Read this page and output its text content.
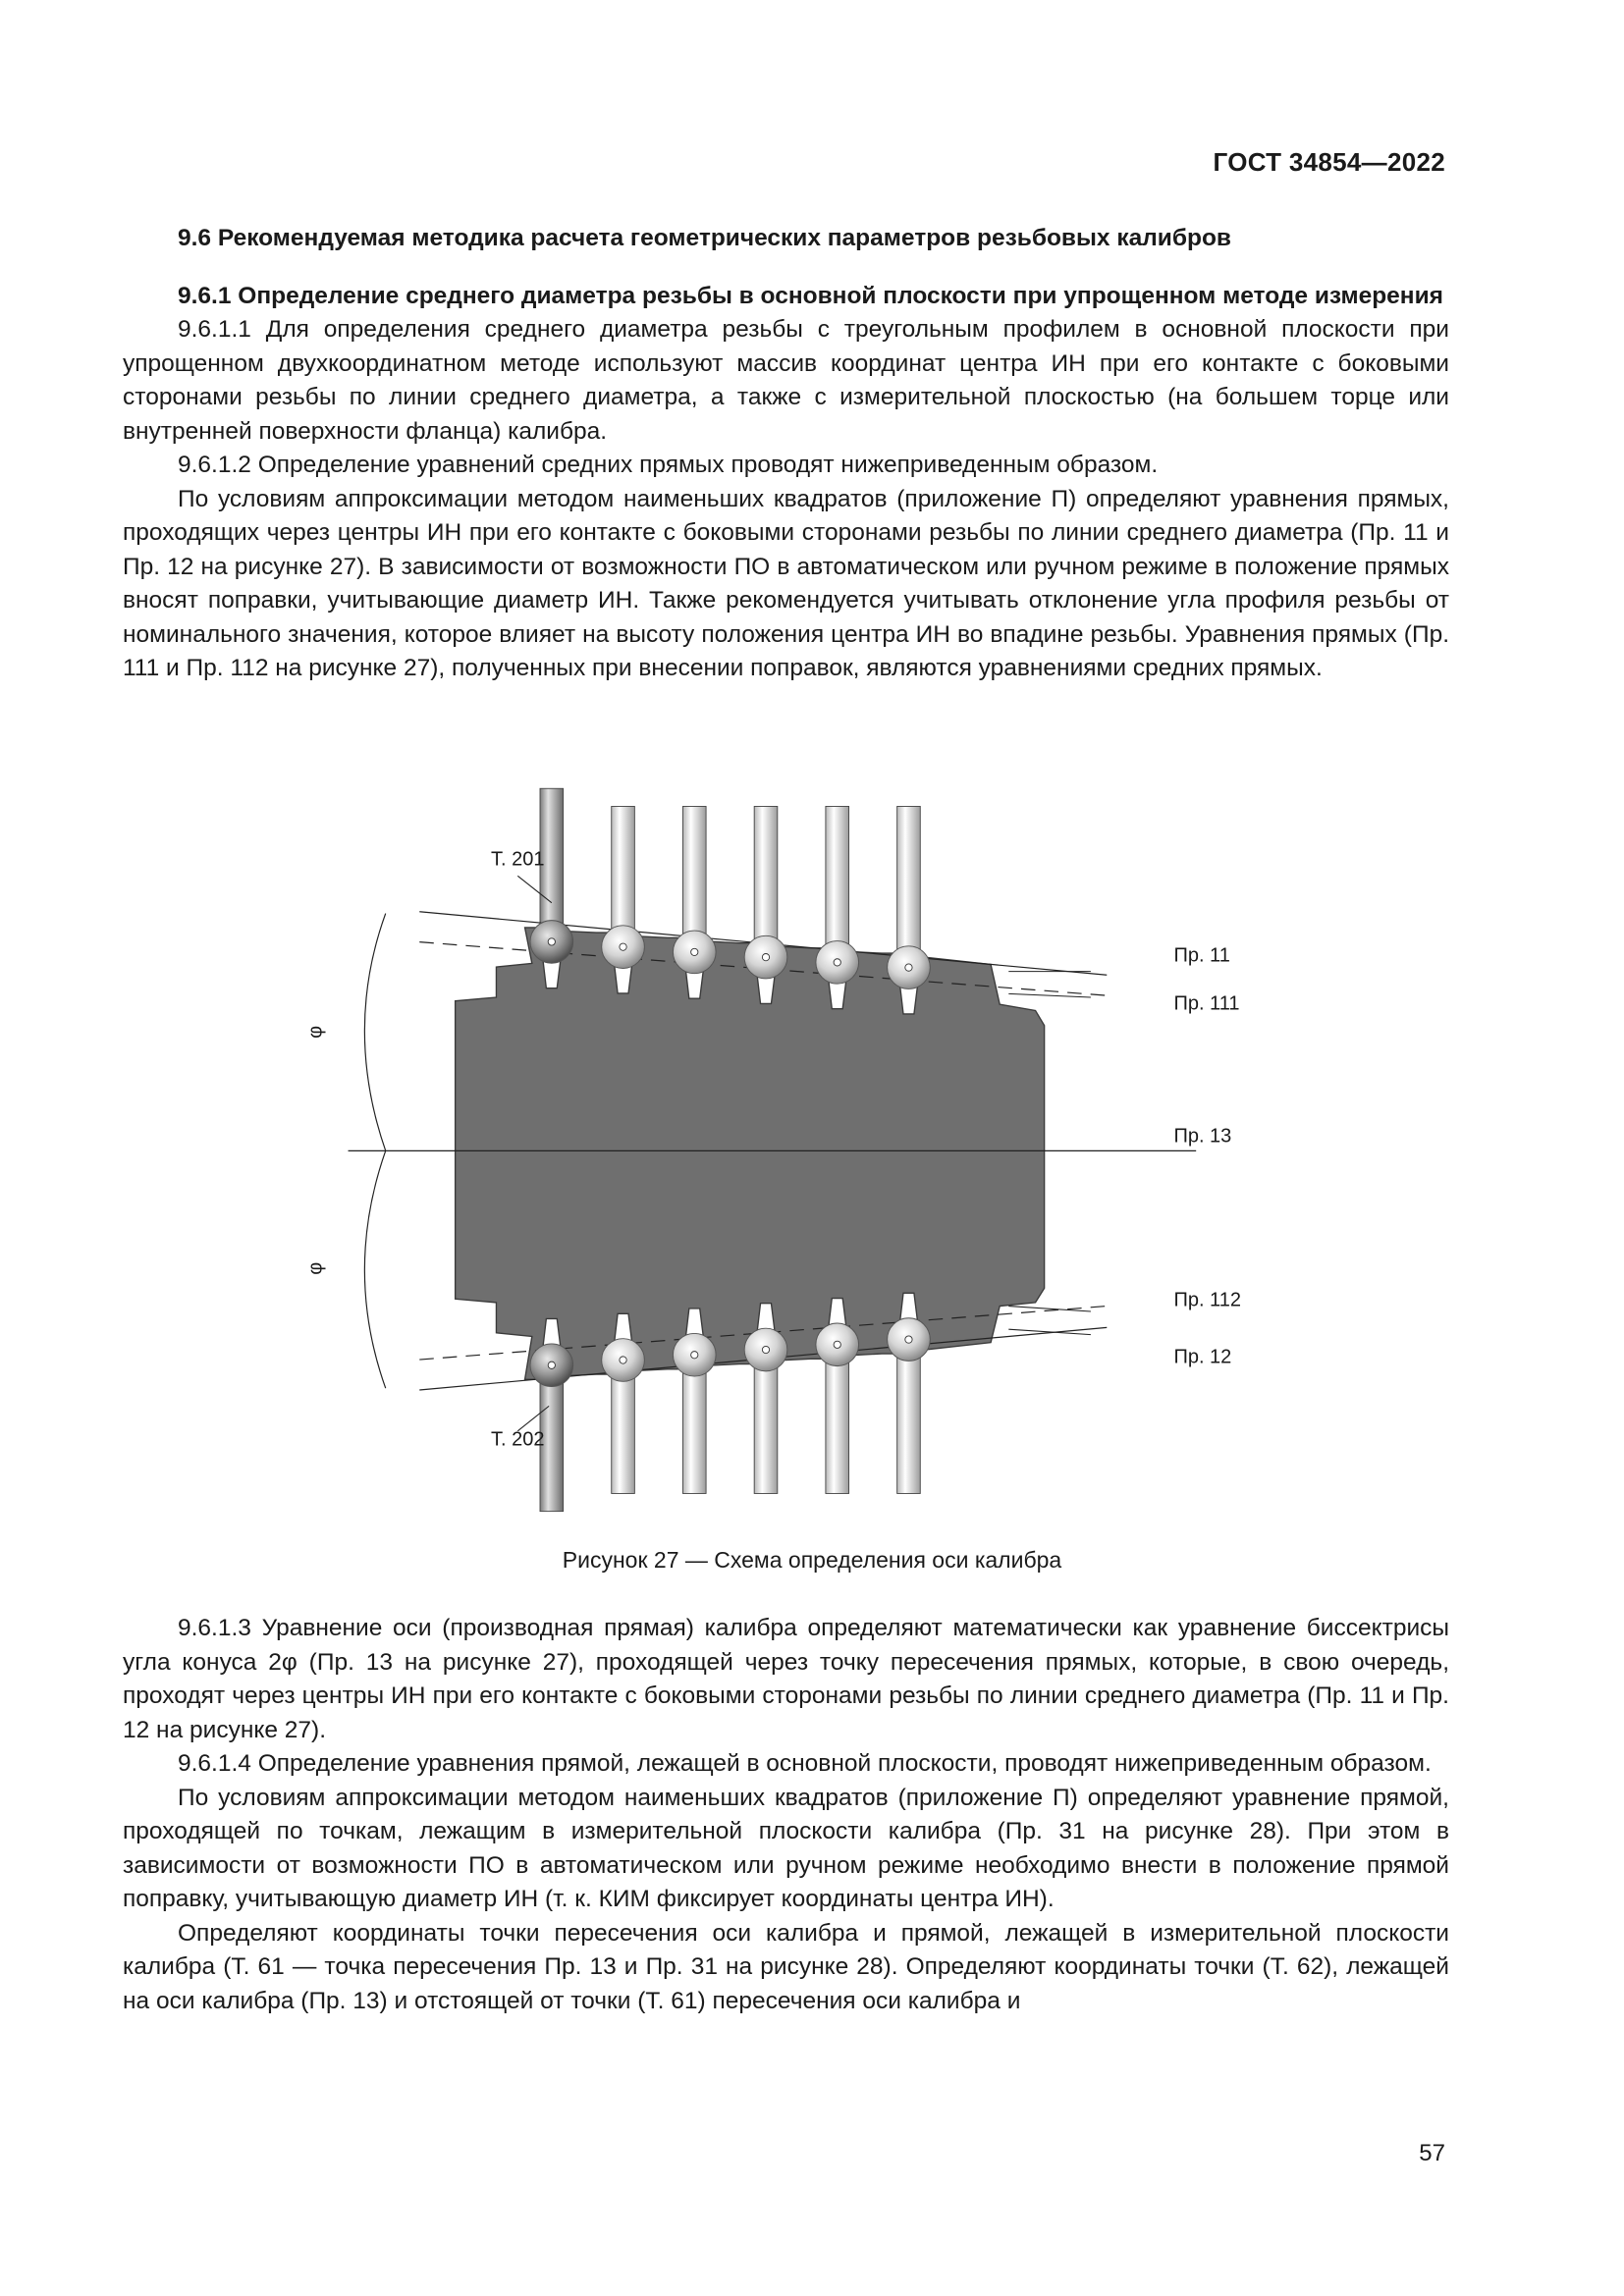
ГОСТ 34854—2022

9.6 Рекомендуемая методика расчета геометрических параметров резьбовых калибров

9.6.1 Определение среднего диаметра резьбы в основной плоскости при упрощенном методе измерения

9.6.1.1 Для определения среднего диаметра резьбы с треугольным профилем в основной плоскости при упрощенном двухкоординатном методе используют массив координат центра ИН при его контакте с боковыми сторонами резьбы по линии среднего диаметра, а также с измерительной плоскостью (на большем торце или внутренней поверхности фланца) калибра.

9.6.1.2 Определение уравнений средних прямых проводят нижеприведенным образом.

По условиям аппроксимации методом наименьших квадратов (приложение П) определяют уравнения прямых, проходящих через центры ИН при его контакте с боковыми сторонами резьбы по линии среднего диаметра (Пр. 11 и Пр. 12 на рисунке 27). В зависимости от возможности ПО в автоматическом или ручном режиме в положение прямых вносят поправки, учитывающие диаметр ИН. Также рекомендуется учитывать отклонение угла профиля резьбы от номинального значения, которое влияет на высоту положения центра ИН во впадине резьбы. Уравнения прямых (Пр. 111 и Пр. 112 на рисунке 27), полученных при внесении поправок, являются уравнениями средних прямых.

Т. 201
Т. 202
Пр. 11
Пр. 111
Пр. 13
Пр. 112
Пр. 12
φ
φ
Рисунок 27 — Схема определения оси калибра

9.6.1.3 Уравнение оси (производная прямая) калибра определяют математически как уравнение биссектрисы угла конуса 2φ (Пр. 13 на рисунке 27), проходящей через точку пересечения прямых, которые, в свою очередь, проходят через центры ИН при его контакте с боковыми сторонами резьбы по линии среднего диаметра (Пр. 11 и Пр. 12 на рисунке 27).

9.6.1.4 Определение уравнения прямой, лежащей в основной плоскости, проводят нижеприведенным образом.

По условиям аппроксимации методом наименьших квадратов (приложение П) определяют уравнение прямой, проходящей по точкам, лежащим в измерительной плоскости калибра (Пр. 31 на рисунке 28). При этом в зависимости от возможности ПО в автоматическом или ручном режиме необходимо внести в положение прямой поправку, учитывающую диаметр ИН (т. к. КИМ фиксирует координаты центра ИН).

Определяют координаты точки пересечения оси калибра и прямой, лежащей в измерительной плоскости калибра (Т. 61 — точка пересечения Пр. 13 и Пр. 31 на рисунке 28). Определяют координаты точки (Т. 62), лежащей на оси калибра (Пр. 13) и отстоящей от точки (Т. 61) пересечения оси калибра и

57
